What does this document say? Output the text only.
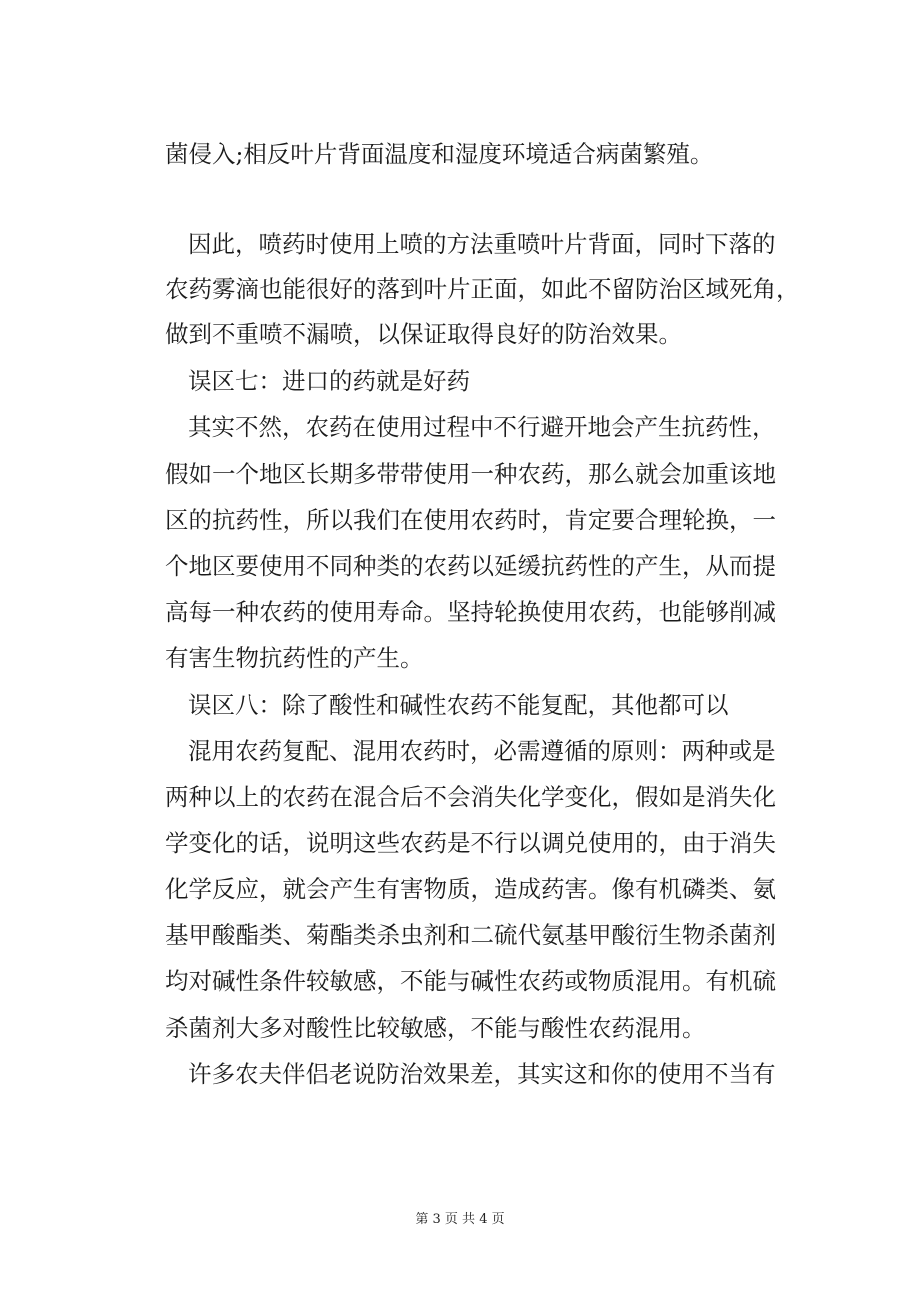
菌侵入;相反叶片背面温度和湿度环境适合病菌繁殖。
因此，喷药时使用上喷的方法重喷叶片背面，同时下落的
农药雾滴也能很好的落到叶片正面，如此不留防治区域死角，
做到不重喷不漏喷，以保证取得良好的防治效果。
误区七：进口的药就是好药
其实不然，农药在使用过程中不行避开地会产生抗药性，
假如一个地区长期多带带使用一种农药，那么就会加重该地
区的抗药性，所以我们在使用农药时，肯定要合理轮换，一
个地区要使用不同种类的农药以延缓抗药性的产生，从而提
高每一种农药的使用寿命。坚持轮换使用农药，也能够削减
有害生物抗药性的产生。
误区八：除了酸性和碱性农药不能复配，其他都可以
混用农药复配、混用农药时，必需遵循的原则：两种或是
两种以上的农药在混合后不会消失化学变化，假如是消失化
学变化的话，说明这些农药是不行以调兑使用的，由于消失
化学反应，就会产生有害物质，造成药害。像有机磷类、氨
基甲酸酯类、菊酯类杀虫剂和二硫代氨基甲酸衍生物杀菌剂
均对碱性条件较敏感，不能与碱性农药或物质混用。有机硫
杀菌剂大多对酸性比较敏感，不能与酸性农药混用。
许多农夫伴侣老说防治效果差，其实这和你的使用不当有
第 3 页 共 4 页
